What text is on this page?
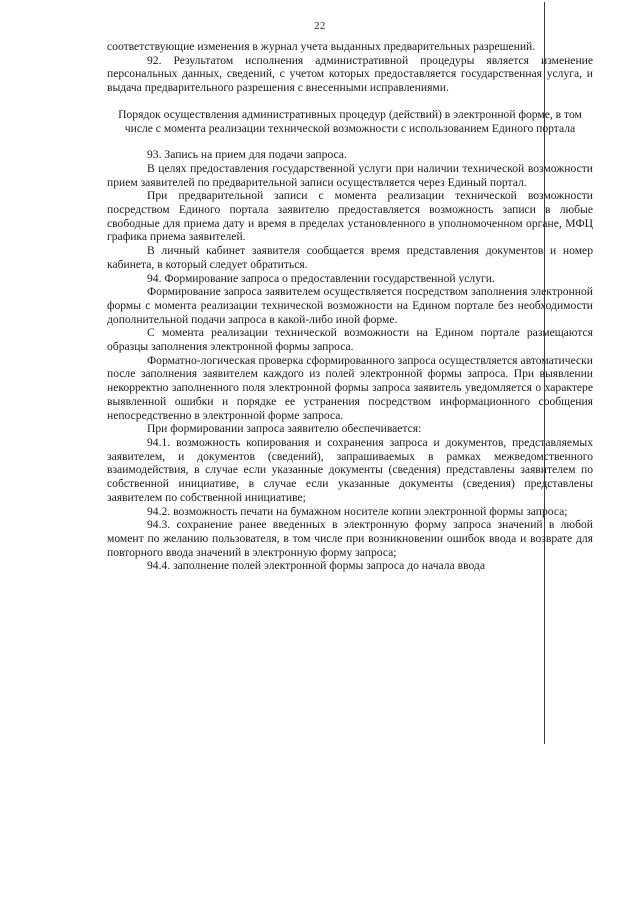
22

соответствующие изменения в журнал учета выданных предварительных разрешений.

92. Результатом исполнения административной процедуры является изменение персональных данных, сведений, с учетом которых предоставляется государственная услуга, и выдача предварительного разрешения с внесенными исправлениями.

Порядок осуществления административных процедур (действий) в электронной форме, в том числе с момента реализации технической возможности с использованием Единого портала

93. Запись на прием для подачи запроса.

В целях предоставления государственной услуги при наличии технической возможности прием заявителей по предварительной записи осуществляется через Единый портал.

При предварительной записи с момента реализации технической возможности посредством Единого портала заявителю предоставляется возможность записи в любые свободные для приема дату и время в пределах установленного в уполномоченном органе, МФЦ графика приема заявителей.

В личный кабинет заявителя сообщается время представления документов и номер кабинета, в который следует обратиться.

94. Формирование запроса о предоставлении государственной услуги.

Формирование запроса заявителем осуществляется посредством заполнения электронной формы с момента реализации технической возможности на Едином портале без необходимости дополнительной подачи запроса в какой-либо иной форме.

С момента реализации технической возможности на Едином портале размещаются образцы заполнения электронной формы запроса.

Форматно-логическая проверка сформированного запроса осуществляется автоматически после заполнения заявителем каждого из полей электронной формы запроса. При выявлении некорректно заполненного поля электронной формы запроса заявитель уведомляется о характере выявленной ошибки и порядке ее устранения посредством информационного сообщения непосредственно в электронной форме запроса.

При формировании запроса заявителю обеспечивается:

94.1. возможность копирования и сохранения запроса и документов, представляемых заявителем, и документов (сведений), запрашиваемых в рамках межведомственного взаимодействия, в случае если указанные документы (сведения) представлены заявителем по собственной инициативе, в случае если указанные документы (сведения) представлены заявителем по собственной инициативе;

94.2. возможность печати на бумажном носителе копии электронной формы запроса;

94.3. сохранение ранее введенных в электронную форму запроса значений в любой момент по желанию пользователя, в том числе при возникновении ошибок ввода и возврате для повторного ввода значений в электронную форму запроса;

94.4. заполнение полей электронной формы запроса до начала ввода
